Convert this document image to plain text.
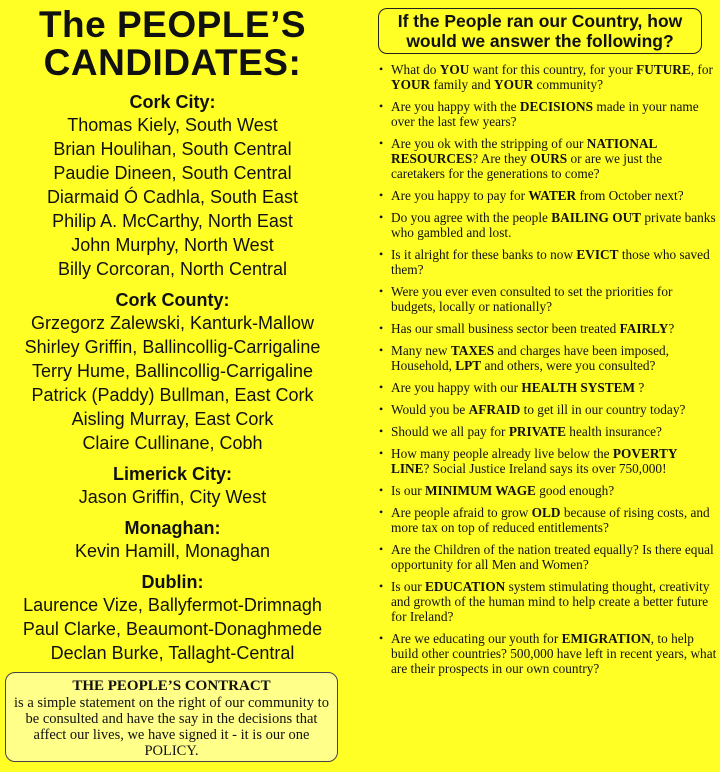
The PEOPLE’S CANDIDATES:
Cork City:
Thomas Kiely, South West
Brian Houlihan, South Central
Paudie Dineen, South Central
Diarmaid Ó Cadhla, South East
Philip A. McCarthy, North East
John Murphy, North West
Billy Corcoran, North Central
Cork County:
Grzegorz Zalewski, Kanturk-Mallow
Shirley Griffin, Ballincollig-Carrigaline
Terry Hume, Ballincollig-Carrigaline
Patrick (Paddy) Bullman, East Cork
Aisling Murray, East Cork
Claire Cullinane, Cobh
Limerick City:
Jason Griffin, City West
Monaghan:
Kevin Hamill, Monaghan
Dublin:
Laurence Vize, Ballyfermot-Drimnagh
Paul Clarke, Beaumont-Donaghmede
Declan Burke, Tallaght-Central
THE PEOPLE’S CONTRACT
is a simple statement on the right of our community to be consulted and have the say in the decisions that affect our lives, we have signed it - it is our one POLICY.
If the People ran our Country, how would we answer the following?
• What do YOU want for this country, for your FUTURE, for YOUR family and YOUR community?
• Are you happy with the DECISIONS made in your name over the last few years?
• Are you ok with the stripping of our NATIONAL RESOURCES? Are they OURS or are we just the caretakers for the generations to come?
• Are you happy to pay for WATER from October next?
• Do you agree with the people BAILING OUT private banks who gambled and lost.
• Is it alright for these banks to now EVICT those who saved them?
• Were you ever even consulted to set the priorities for budgets, locally or nationally?
• Has our small business sector been treated FAIRLY?
• Many new TAXES and charges have been imposed, Household, LPT and others, were you consulted?
• Are you happy with our HEALTH SYSTEM ?
• Would you be AFRAID to get ill in our country today?
• Should we all pay for PRIVATE health insurance?
• How many people already live below the POVERTY LINE? Social Justice Ireland says its over 750,000!
• Is our MINIMUM WAGE good enough?
• Are people afraid to grow OLD because of rising costs, and more tax on top of reduced entitlements?
• Are the Children of the nation treated equally? Is there equal opportunity for all Men and Women?
• Is our EDUCATION system stimulating thought, creativity and growth of the human mind to help create a better future for Ireland?
• Are we educating our youth for EMIGRATION, to help build other countries? 500,000 have left in recent years, what are their prospects in our own country?
